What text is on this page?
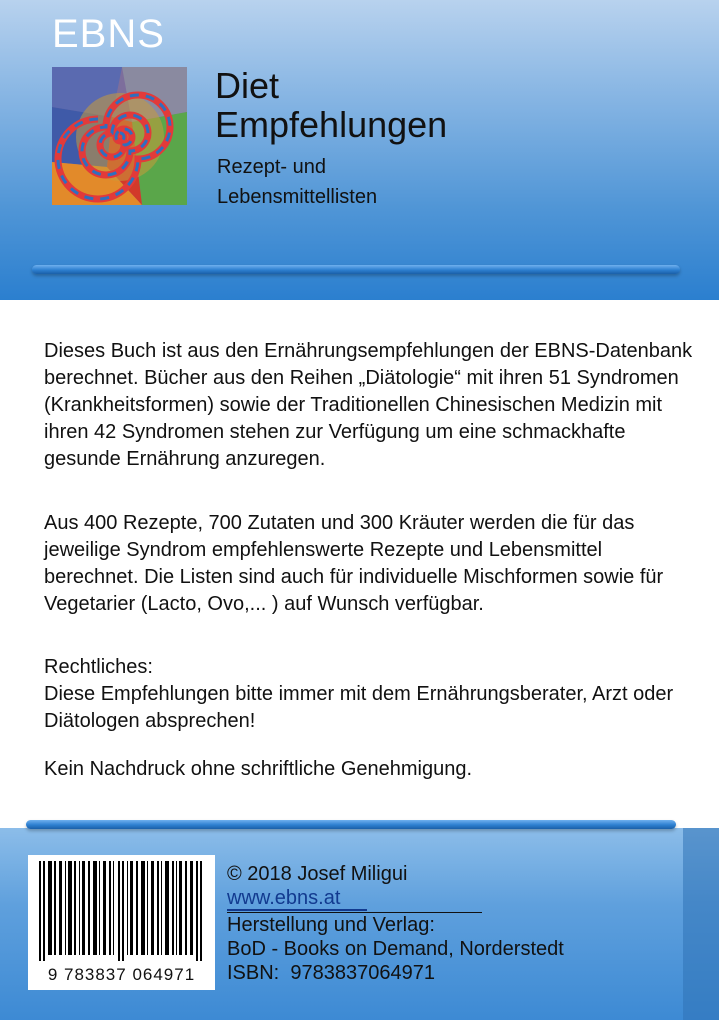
EBNS
Diet
Empfehlungen
Rezept- und
Lebensmittellisten

Dieses Buch ist aus den Ernährungsempfehlungen der EBNS-Datenbank berechnet. Bücher aus den Reihen „Diätologie“ mit ihren 51 Syndromen (Krankheitsformen) sowie der Traditionellen Chinesischen Medizin mit ihren 42 Syndromen stehen zur Verfügung um eine schmackhafte gesunde Ernährung anzuregen.

Aus 400 Rezepte, 700 Zutaten und 300 Kräuter werden die für das jeweilige Syndrom empfehlenswerte Rezepte und Lebensmittel berechnet. Die Listen sind auch für individuelle Mischformen sowie für Vegetarier (Lacto, Ovo,... ) auf Wunsch verfügbar.

Rechtliches:
Diese Empfehlungen bitte immer mit dem Ernährungsberater, Arzt oder Diätologen absprechen!

Kein Nachdruck ohne schriftliche Genehmigung.

9 783837 064971
© 2018 Josef Miligui
www.ebns.at
Herstellung und Verlag:
BoD - Books on Demand, Norderstedt
ISBN:  9783837064971
